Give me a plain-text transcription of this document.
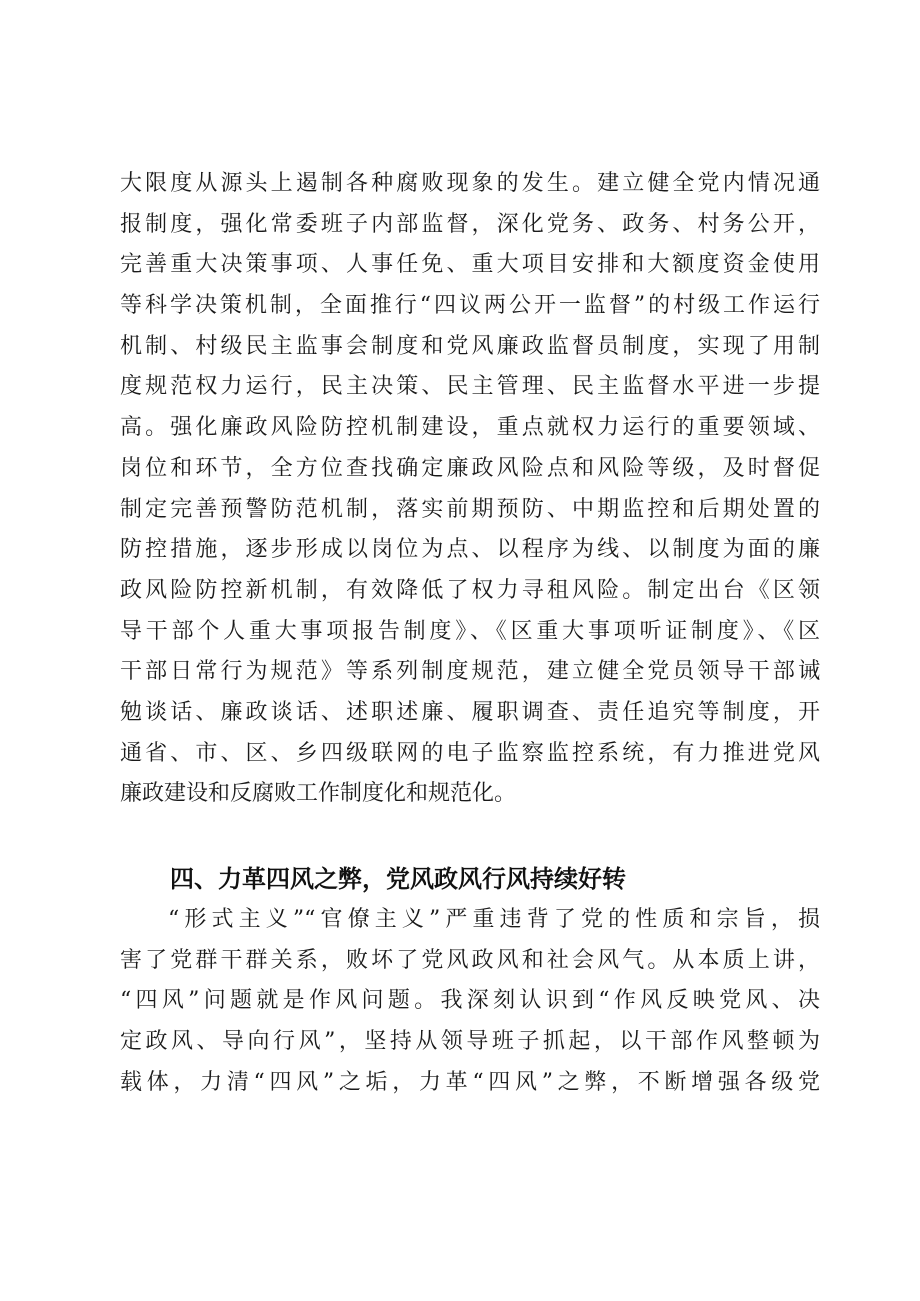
大限度从源头上遏制各种腐败现象的发生。建立健全党内情况通
报制度，强化常委班子内部监督，深化党务、政务、村务公开，
完善重大决策事项、人事任免、重大项目安排和大额度资金使用
等科学决策机制，全面推行“四议两公开一监督”的村级工作运行
机制、村级民主监事会制度和党风廉政监督员制度，实现了用制
度规范权力运行，民主决策、民主管理、民主监督水平进一步提
高。强化廉政风险防控机制建设，重点就权力运行的重要领域、
岗位和环节，全方位查找确定廉政风险点和风险等级，及时督促
制定完善预警防范机制，落实前期预防、中期监控和后期处置的
防控措施，逐步形成以岗位为点、以程序为线、以制度为面的廉
政风险防控新机制，有效降低了权力寻租风险。制定出台《区领
导干部个人重大事项报告制度》、《区重大事项听证制度》、《区
干部日常行为规范》等系列制度规范，建立健全党员领导干部诫
勉谈话、廉政谈话、述职述廉、履职调查、责任追究等制度，开
通省、市、区、乡四级联网的电子监察监控系统，有力推进党风
廉政建设和反腐败工作制度化和规范化。
四、力革四风之弊，党风政风行风持续好转
“形式主义”“官僚主义”严重违背了党的性质和宗旨，损
害了党群干群关系，败坏了党风政风和社会风气。从本质上讲，
“四风”问题就是作风问题。我深刻认识到“作风反映党风、决
定政风、导向行风”，坚持从领导班子抓起，以干部作风整顿为
载体，力清“四风”之垢，力革“四风”之弊，不断增强各级党
